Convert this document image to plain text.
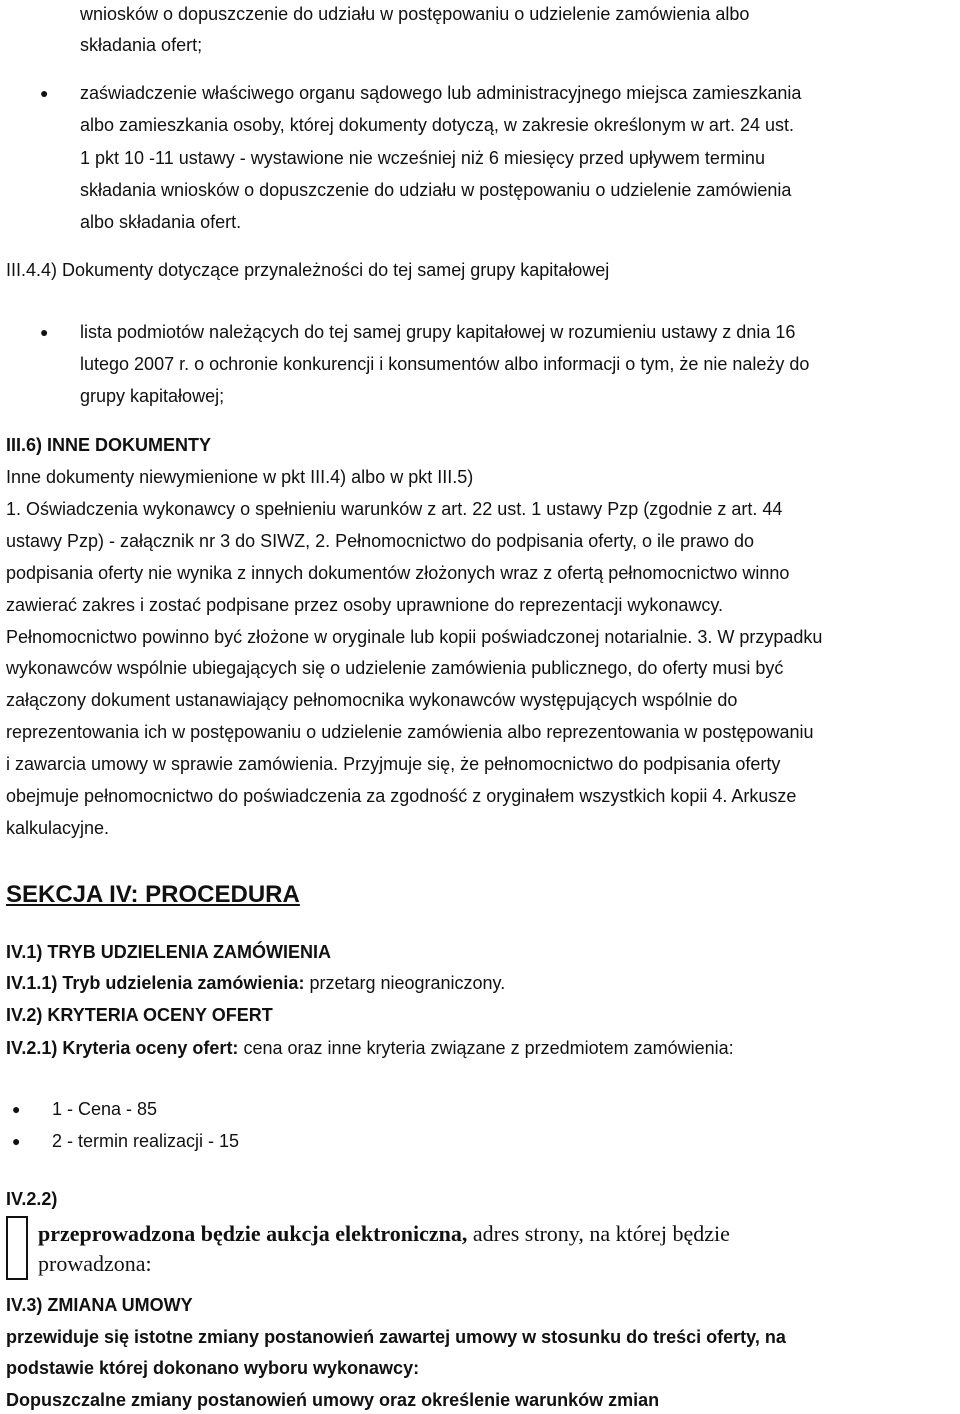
wniosków o dopuszczenie do udziału w postępowaniu o udzielenie zamówienia albo
składania ofert;
● zaświadczenie właściwego organu sądowego lub administracyjnego miejsca zamieszkania
albo zamieszkania osoby, której dokumenty dotyczą, w zakresie określonym w art. 24 ust.
1 pkt 10 -11 ustawy - wystawione nie wcześniej niż 6 miesięcy przed upływem terminu
składania wniosków o dopuszczenie do udziału w postępowaniu o udzielenie zamówienia
albo składania ofert.
III.4.4) Dokumenty dotyczące przynależności do tej samej grupy kapitałowej
● lista podmiotów należących do tej samej grupy kapitałowej w rozumieniu ustawy z dnia 16
lutego 2007 r. o ochronie konkurencji i konsumentów albo informacji o tym, że nie należy do
grupy kapitałowej;
III.6) INNE DOKUMENTY
Inne dokumenty niewymienione w pkt III.4) albo w pkt III.5)
1. Oświadczenia wykonawcy o spełnieniu warunków z art. 22 ust. 1 ustawy Pzp (zgodnie z art. 44
ustawy Pzp) - załącznik nr 3 do SIWZ, 2. Pełnomocnictwo do podpisania oferty, o ile prawo do
podpisania oferty nie wynika z innych dokumentów złożonych wraz z ofertą pełnomocnictwo winno
zawierać zakres i zostać podpisane przez osoby uprawnione do reprezentacji wykonawcy.
Pełnomocnictwo powinno być złożone w oryginale lub kopii poświadczonej notarialnie. 3. W przypadku
wykonawców wspólnie ubiegających się o udzielenie zamówienia publicznego, do oferty musi być
załączony dokument ustanawiający pełnomocnika wykonawców występujących wspólnie do
reprezentowania ich w postępowaniu o udzielenie zamówienia albo reprezentowania w postępowaniu
i zawarcia umowy w sprawie zamówienia. Przyjmuje się, że pełnomocnictwo do podpisania oferty
obejmuje pełnomocnictwo do poświadczenia za zgodność z oryginałem wszystkich kopii 4. Arkusze
kalkulacyjne.
SEKCJA IV: PROCEDURA
IV.1) TRYB UDZIELENIA ZAMÓWIENIA
IV.1.1) Tryb udzielenia zamówienia: przetarg nieograniczony.
IV.2) KRYTERIA OCENY OFERT
IV.2.1) Kryteria oceny ofert: cena oraz inne kryteria związane z przedmiotem zamówienia:
● 1 - Cena - 85
● 2 - termin realizacji - 15
IV.2.2)
przeprowadzona będzie aukcja elektroniczna, adres strony, na której będzie
prowadzona:
IV.3) ZMIANA UMOWY
przewiduje się istotne zmiany postanowień zawartej umowy w stosunku do treści oferty, na
podstawie której dokonano wyboru wykonawcy:
Dopuszczalne zmiany postanowień umowy oraz określenie warunków zmian
